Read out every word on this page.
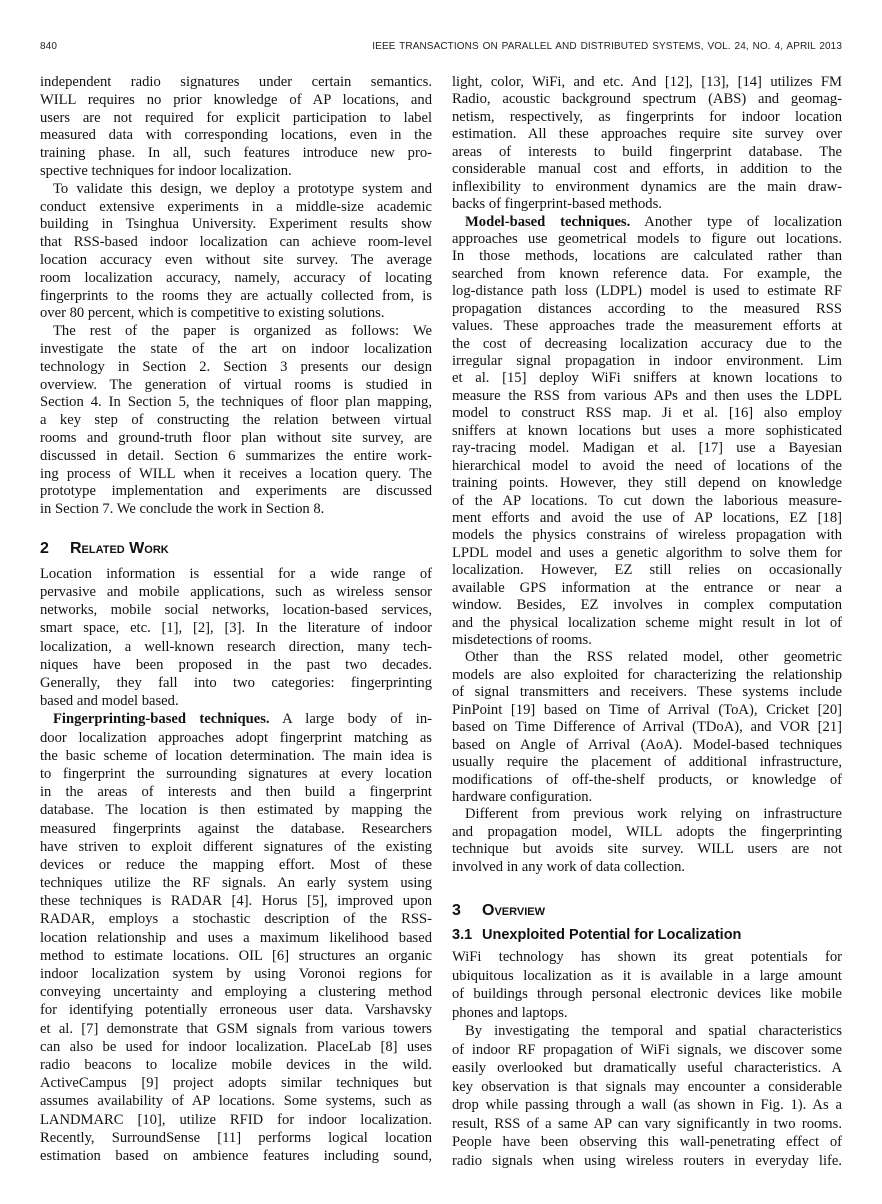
840	IEEE TRANSACTIONS ON PARALLEL AND DISTRIBUTED SYSTEMS, VOL. 24, NO. 4, APRIL 2013
independent radio signatures under certain semantics.
WILL requires no prior knowledge of AP locations, and
users are not required for explicit participation to label
measured data with corresponding locations, even in the
training phase. In all, such features introduce new pro-
spective techniques for indoor localization.
To validate this design, we deploy a prototype system and
conduct extensive experiments in a middle-size academic
building in Tsinghua University. Experiment results show
that RSS-based indoor localization can achieve room-level
location accuracy even without site survey. The average
room localization accuracy, namely, accuracy of locating
fingerprints to the rooms they are actually collected from, is
over 80 percent, which is competitive to existing solutions.
The rest of the paper is organized as follows: We
investigate the state of the art on indoor localization
technology in Section 2. Section 3 presents our design
overview. The generation of virtual rooms is studied in
Section 4. In Section 5, the techniques of floor plan mapping,
a key step of constructing the relation between virtual
rooms and ground-truth floor plan without site survey, are
discussed in detail. Section 6 summarizes the entire work-
ing process of WILL when it receives a location query. The
prototype implementation and experiments are discussed
in Section 7. We conclude the work in Section 8.
2 Related Work
Location information is essential for a wide range of
pervasive and mobile applications, such as wireless sensor
networks, mobile social networks, location-based services,
smart space, etc. [1], [2], [3]. In the literature of indoor
localization, a well-known research direction, many tech-
niques have been proposed in the past two decades.
Generally, they fall into two categories: fingerprinting
based and model based.
Fingerprinting-based techniques. A large body of in-
door localization approaches adopt fingerprint matching as
the basic scheme of location determination. The main idea is
to fingerprint the surrounding signatures at every location
in the areas of interests and then build a fingerprint
database. The location is then estimated by mapping the
measured fingerprints against the database. Researchers
have striven to exploit different signatures of the existing
devices or reduce the mapping effort. Most of these
techniques utilize the RF signals. An early system using
these techniques is RADAR [4]. Horus [5], improved upon
RADAR, employs a stochastic description of the RSS-
location relationship and uses a maximum likelihood based
method to estimate locations. OIL [6] structures an organic
indoor localization system by using Voronoi regions for
conveying uncertainty and employing a clustering method
for identifying potentially erroneous user data. Varshavsky
et al. [7] demonstrate that GSM signals from various towers
can also be used for indoor localization. PlaceLab [8] uses
radio beacons to localize mobile devices in the wild.
ActiveCampus [9] project adopts similar techniques but
assumes availability of AP locations. Some systems, such as
LANDMARC [10], utilize RFID for indoor localization.
Recently, SurroundSense [11] performs logical location
estimation based on ambience features including sound,
light, color, WiFi, and etc. And [12], [13], [14] utilizes FM
Radio, acoustic background spectrum (ABS) and geomag-
netism, respectively, as fingerprints for indoor location
estimation. All these approaches require site survey over
areas of interests to build fingerprint database. The
considerable manual cost and efforts, in addition to the
inflexibility to environment dynamics are the main draw-
backs of fingerprint-based methods.
Model-based techniques. Another type of localization
approaches use geometrical models to figure out locations.
In those methods, locations are calculated rather than
searched from known reference data. For example, the
log-distance path loss (LDPL) model is used to estimate RF
propagation distances according to the measured RSS
values. These approaches trade the measurement efforts at
the cost of decreasing localization accuracy due to the
irregular signal propagation in indoor environment. Lim
et al. [15] deploy WiFi sniffers at known locations to
measure the RSS from various APs and then uses the LDPL
model to construct RSS map. Ji et al. [16] also employ
sniffers at known locations but uses a more sophisticated
ray-tracing model. Madigan et al. [17] use a Bayesian
hierarchical model to avoid the need of locations of the
training points. However, they still depend on knowledge
of the AP locations. To cut down the laborious measure-
ment efforts and avoid the use of AP locations, EZ [18]
models the physics constrains of wireless propagation with
LPDL model and uses a genetic algorithm to solve them for
localization. However, EZ still relies on occasionally
available GPS information at the entrance or near a
window. Besides, EZ involves in complex computation
and the physical localization scheme might result in lot of
misdetections of rooms.
Other than the RSS related model, other geometric
models are also exploited for characterizing the relationship
of signal transmitters and receivers. These systems include
PinPoint [19] based on Time of Arrival (ToA), Cricket [20]
based on Time Difference of Arrival (TDoA), and VOR [21]
based on Angle of Arrival (AoA). Model-based techniques
usually require the placement of additional infrastructure,
modifications of off-the-shelf products, or knowledge of
hardware configuration.
Different from previous work relying on infrastructure
and propagation model, WILL adopts the fingerprinting
technique but avoids site survey. WILL users are not
involved in any work of data collection.
3 Overview
3.1 Unexploited Potential for Localization
WiFi technology has shown its great potentials for
ubiquitous localization as it is available in a large amount
of buildings through personal electronic devices like mobile
phones and laptops.
By investigating the temporal and spatial characteristics
of indoor RF propagation of WiFi signals, we discover some
easily overlooked but dramatically useful characteristics. A
key observation is that signals may encounter a considerable
drop while passing through a wall (as shown in Fig. 1). As a
result, RSS of a same AP can vary significantly in two rooms.
People have been observing this wall-penetrating effect of
radio signals when using wireless routers in everyday life.
